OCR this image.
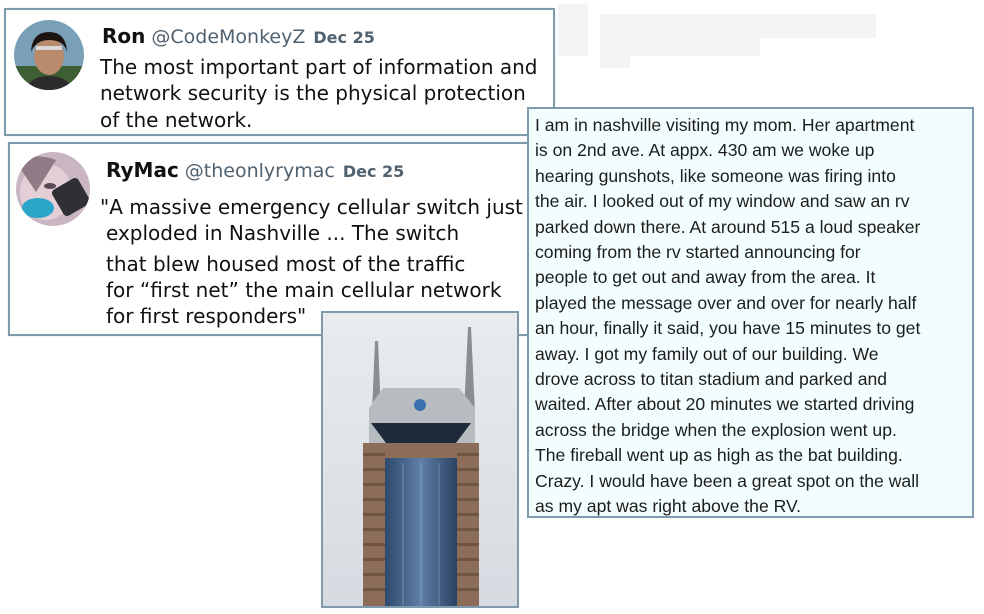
Ron @CodeMonkeyZ Dec 25
The most important part of information and
network security is the physical protection
of the network.
RyMac @theonlyrymac Dec 25
"A massive emergency cellular switch just
exploded in Nashville ... The switch
that blew housed most of the traffic
for “first net” the main cellular network
for first responders"
I am in nashville visiting my mom. Her apartment
is on 2nd ave. At appx. 430 am we woke up
hearing gunshots, like someone was firing into
the air. I looked out of my window and saw an rv
parked down there. At around 515 a loud speaker
coming from the rv started announcing for
people to get out and away from the area. It
played the message over and over for nearly half
an hour, finally it said, you have 15 minutes to get
away. I got my family out of our building. We
drove across to titan stadium and parked and
waited. After about 20 minutes we started driving
across the bridge when the explosion went up.
The fireball went up as high as the bat building.
Crazy. I would have been a great spot on the wall
as my apt was right above the RV.
